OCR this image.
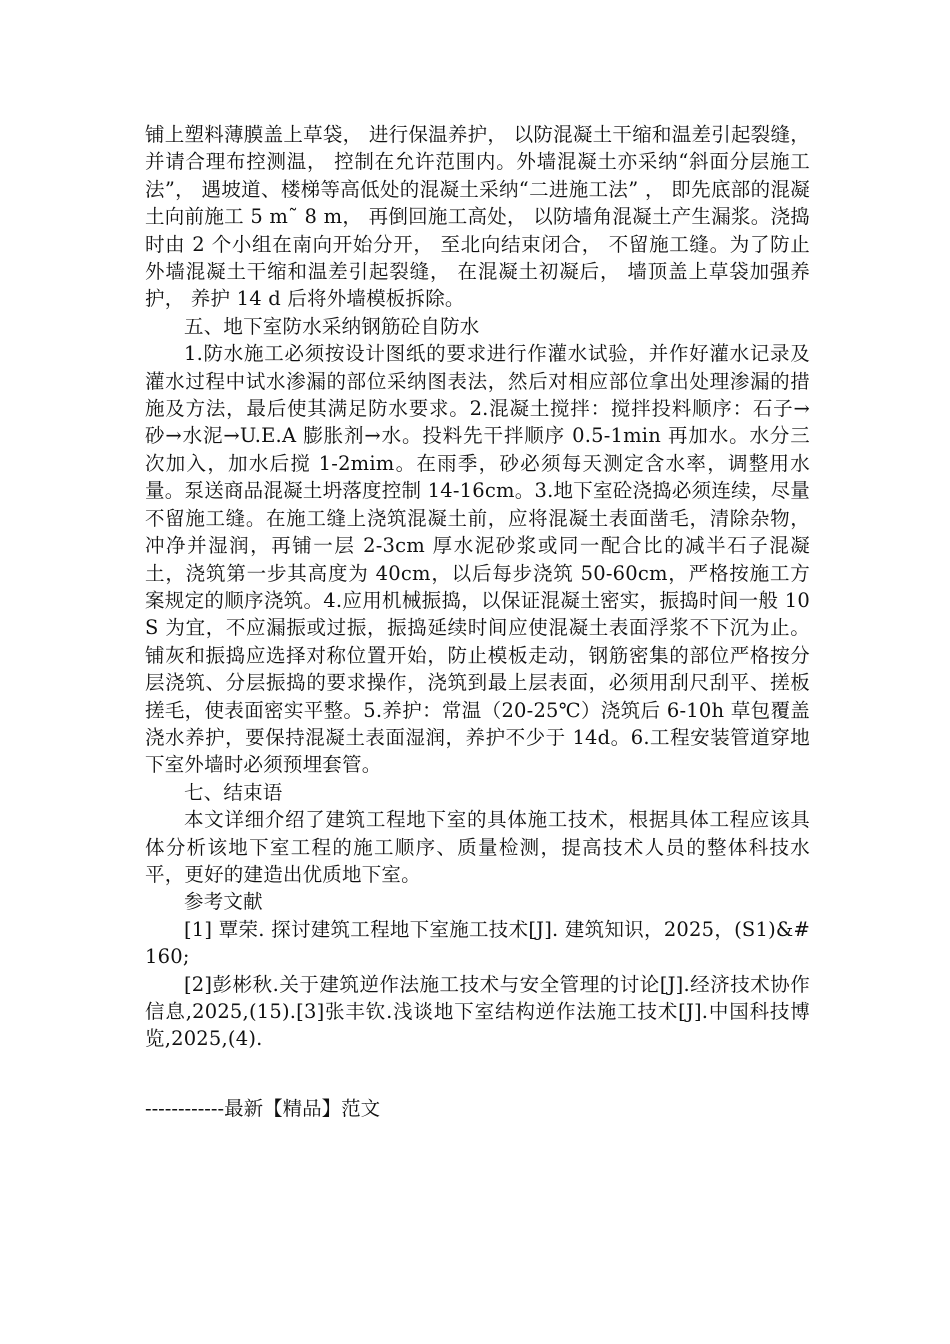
铺上塑料薄膜盖上草袋， 进行保温养护， 以防混凝土干缩和温差引起裂缝， 并请合理布控测温， 控制在允许范围内。外墙混凝土亦采纳“斜面分层施工法”， 遇坡道、楼梯等高低处的混凝土采纳“二进施工法” ， 即先底部的混凝土向前施工 5 m˜ 8 m， 再倒回施工高处， 以防墙角混凝土产生漏浆。浇捣时由 2 个小组在南向开始分开， 至北向结束闭合， 不留施工缝。为了防止外墙混凝土干缩和温差引起裂缝， 在混凝土初凝后， 墙顶盖上草袋加强养护， 养护 14 d 后将外墙模板拆除。

五、地下室防水采纳钢筋砼自防水

1.防水施工必须按设计图纸的要求进行作灌水试验，并作好灌水记录及灌水过程中试水渗漏的部位采纳图表法，然后对相应部位拿出处理渗漏的措施及方法，最后使其满足防水要求。2.混凝土搅拌：搅拌投料顺序：石子→砂→水泥→U.E.A 膨胀剂→水。投料先干拌顺序 0.5-1min 再加水。水分三次加入，加水后搅 1-2mim。在雨季，砂必须每天测定含水率，调整用水量。泵送商品混凝土坍落度控制 14-16cm。3.地下室砼浇捣必须连续，尽量不留施工缝。在施工缝上浇筑混凝土前，应将混凝土表面凿毛，清除杂物，冲净并湿润，再铺一层 2-3cm 厚水泥砂浆或同一配合比的减半石子混凝土，浇筑第一步其高度为 40cm，以后每步浇筑 50-60cm，严格按施工方案规定的顺序浇筑。4.应用机械振捣，以保证混凝土密实，振捣时间一般 10S 为宜，不应漏振或过振，振捣延续时间应使混凝土表面浮浆不下沉为止。铺灰和振捣应选择对称位置开始，防止模板走动，钢筋密集的部位严格按分层浇筑、分层振捣的要求操作，浇筑到最上层表面，必须用刮尺刮平、搓板搓毛，使表面密实平整。5.养护：常温（20-25℃）浇筑后 6-10h 草包覆盖浇水养护，要保持混凝土表面湿润，养护不少于 14d。6.工程安装管道穿地下室外墙时必须预埋套管。

七、结束语

本文详细介绍了建筑工程地下室的具体施工技术，根据具体工程应该具体分析该地下室工程的施工顺序、质量检测，提高技术人员的整体科技水平，更好的建造出优质地下室。

参考文献

[1] 覃荣. 探讨建筑工程地下室施工技术[J]. 建筑知识，2025，(S1)&#160;

[2]彭彬秋.关于建筑逆作法施工技术与安全管理的讨论[J].经济技术协作信息,2025,(15).[3]张丰钦.浅谈地下室结构逆作法施工技术[J].中国科技博览,2025,(4).

------------最新【精品】范文
